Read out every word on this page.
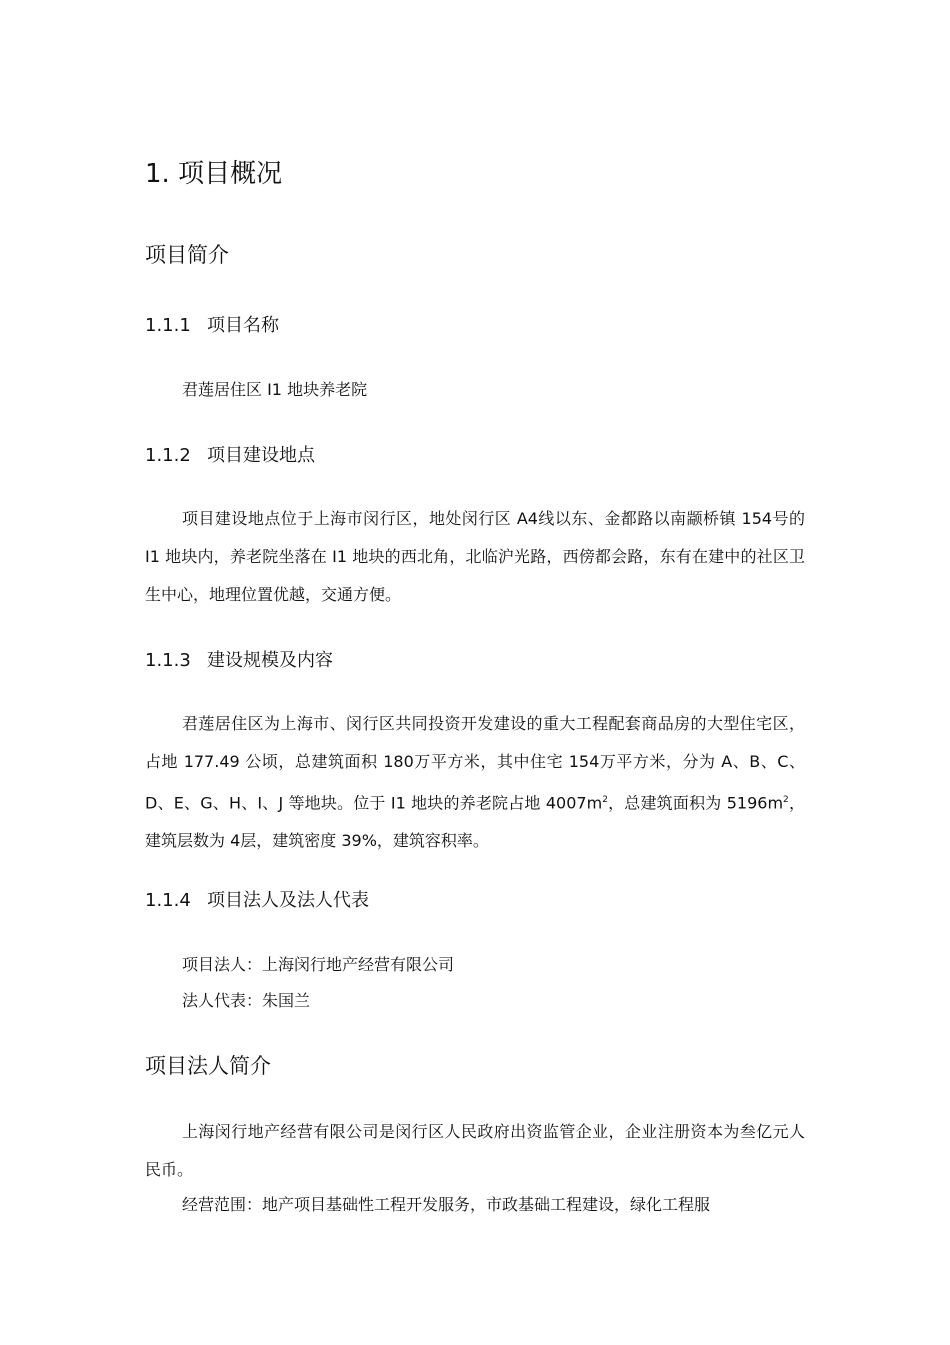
1. 项目概况
项目简介
1.1.1 项目名称

君莲居住区 I1 地块养老院

1.1.2 项目建设地点

项目建设地点位于上海市闵行区，地处闵行区 A4线以东、金都路以南颛桥镇 154号的 I1 地块内，养老院坐落在 I1 地块的西北角，北临沪光路，西傍都会路，东有在建中的社区卫生中心，地理位置优越，交通方便。

1.1.3 建设规模及内容

君莲居住区为上海市、闵行区共同投资开发建设的重大工程配套商品房的大型住宅区，占地 177.49 公顷，总建筑面积 180万平方米，其中住宅 154万平方米，分为 A、B、C、D、E、G、H、I、J 等地块。位于 I1 地块的养老院占地 $4007m^2$，总建筑面积为 $5196m^2$，建筑层数为 4层，建筑密度 39%，建筑容积率。

1.1.4 项目法人及法人代表

项目法人：上海闵行地产经营有限公司

法人代表：朱国兰

项目法人简介

上海闵行地产经营有限公司是闵行区人民政府出资监管企业，企业注册资本为叁亿元人民币。

经营范围：地产项目基础性工程开发服务，市政基础工程建设，绿化工程服
